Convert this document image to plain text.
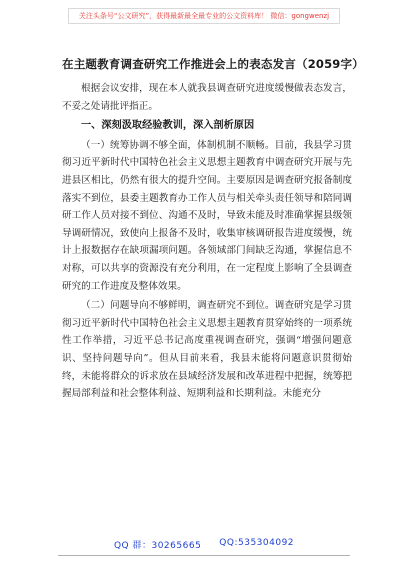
关注头条号“公文研究”，获得最新最全最专业的公文资料库！ 微信：gongwenzj
在主题教育调查研究工作推进会上的表态发言（2059字）

根据会议安排，现在本人就我县调查研究进度缓慢做表态发言，不妥之处请批评指正。

一、深刻汲取经验教训，深入剖析原因

（一）统筹协调不够全面，体制机制不顺畅。目前，我县学习贯彻习近平新时代中国特色社会主义思想主题教育中调查研究开展与先进县区相比，仍然有很大的提升空间。主要原因是调查研究报备制度落实不到位，县委主题教育办工作人员与相关牵头责任领导和陪同调研工作人员对接不到位、沟通不及时，导致未能及时准确掌握县级领导调研情况，致使向上报备不及时，收集审核调研报告进度缓慢，统计上报数据存在缺项漏项问题。各领域部门间缺乏沟通，掌握信息不对称，可以共享的资源没有充分利用，在一定程度上影响了全县调查研究的工作进度及整体效果。

（二）问题导向不够鲜明，调查研究不到位。调查研究是学习贯彻习近平新时代中国特色社会主义思想主题教育贯穿始终的一项系统性工作举措，习近平总书记高度重视调查研究，强调“增强问题意识、坚持问题导向”。但从目前来看，我县未能将问题意识贯彻始终，未能将群众的诉求放在县域经济发展和改革进程中把握，统筹把握局部利益和社会整体利益、短期利益和长期利益。未能充分

QQ 群：30265665 QQ:535304092
